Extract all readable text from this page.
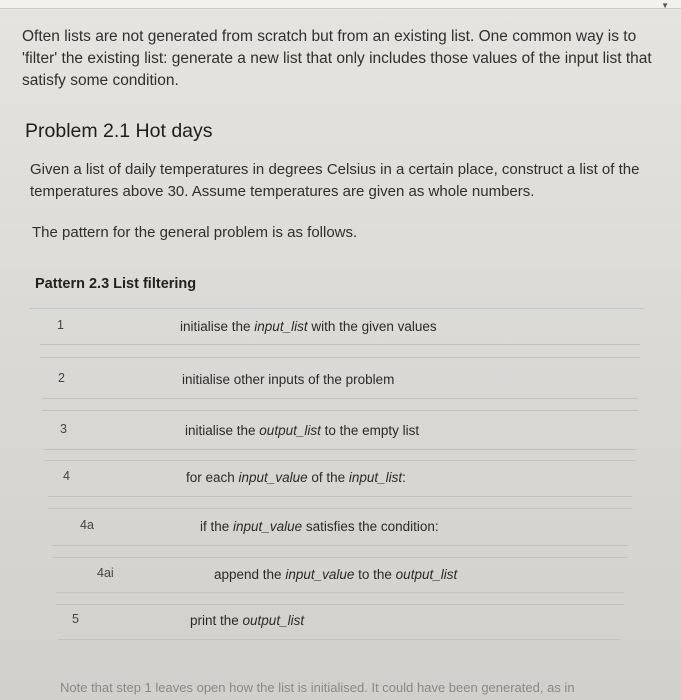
▼
Often lists are not generated from scratch but from an existing list. One common way is to 'filter' the existing list: generate a new list that only includes those values of the input list that satisfy some condition.
Problem 2.1 Hot days
Given a list of daily temperatures in degrees Celsius in a certain place, construct a list of the temperatures above 30. Assume temperatures are given as whole numbers.
The pattern for the general problem is as follows.
Pattern 2.3 List filtering
1	initialise the input_list with the given values
2	initialise other inputs of the problem
3	initialise the output_list to the empty list
4	for each input_value of the input_list:
4a	if the input_value satisfies the condition:
4ai	append the input_value to the output_list
5	print the output_list
Note that step 1 leaves open how the list is initialised. It could have been generated, as in
